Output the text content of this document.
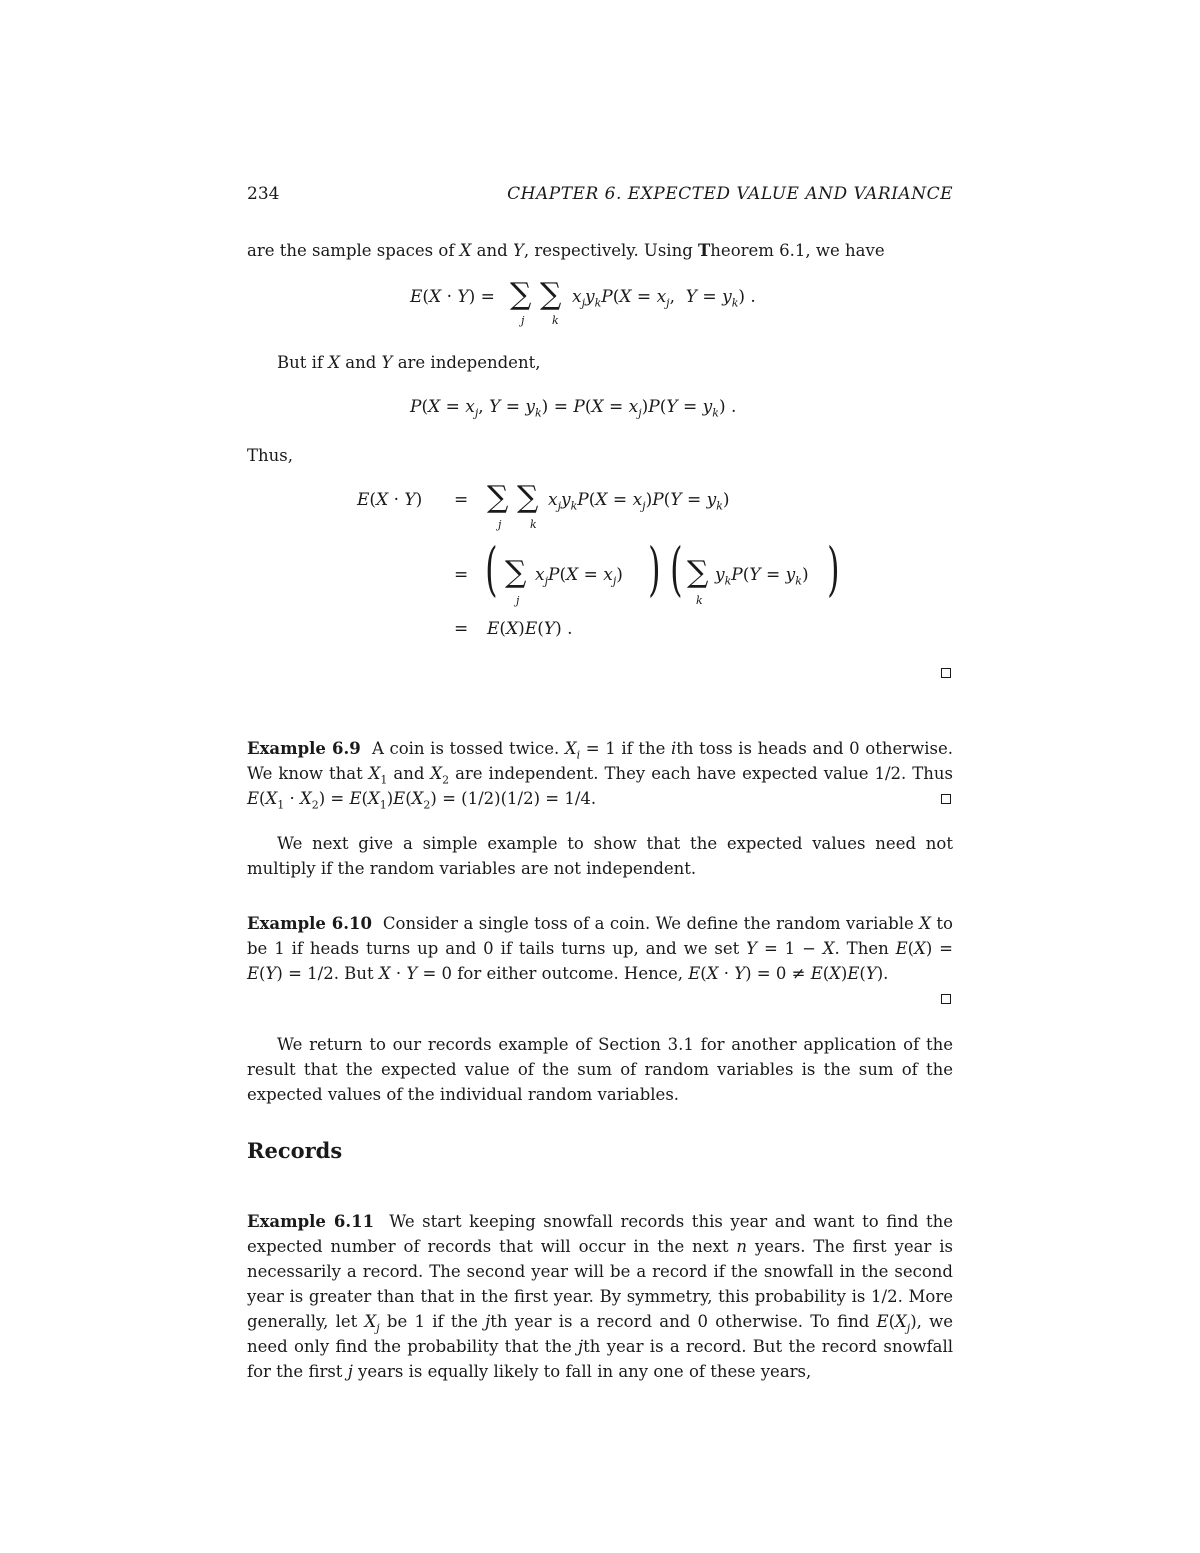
234	CHAPTER 6. EXPECTED VALUE AND VARIANCE
are the sample spaces of X and Y, respectively. Using Theorem 6.1, we have
E(X · Y) = ∑ ∑
j	k
$x_jy_kP(X = x_j$,  $Y = y_k$) .
But if X and Y are independent,
$P(X = x_j$, $Y = y_k) = P(X = x_j)P(Y = y_k)$ .
Thus,
E(X · Y) = ∑ ∑
j	k
$x_jy_kP(X = x_j)P(Y = y_k)$
= ( ∑
j
$x_jP(X = x_j)$ ) ( ∑
k
$y_kP(Y = y_k)$ )
= E(X)E(Y) .
Example 6.9  A coin is tossed twice. $X_i = 1$ if the ith toss is heads and 0 otherwise. We know that $X_1$ and $X_2$ are independent. They each have expected value 1/2. Thus $E(X_1 \cdot X_2) = E(X_1)E(X_2) = (1/2)(1/2) = 1/4$.
We next give a simple example to show that the expected values need not multiply if the random variables are not independent.
Example 6.10  Consider a single toss of a coin. We define the random variable X to be 1 if heads turns up and 0 if tails turns up, and we set Y = 1 − X. Then E(X) = E(Y) = 1/2. But X · Y = 0 for either outcome. Hence, E(X · Y) = 0 ≠ E(X)E(Y).
We return to our records example of Section 3.1 for another application of the result that the expected value of the sum of random variables is the sum of the expected values of the individual random variables.
Records
Example 6.11  We start keeping snowfall records this year and want to find the expected number of records that will occur in the next n years. The first year is necessarily a record. The second year will be a record if the snowfall in the second year is greater than that in the first year. By symmetry, this probability is 1/2. More generally, let $X_j$ be 1 if the jth year is a record and 0 otherwise. To find $E(X_j)$, we need only find the probability that the jth year is a record. But the record snowfall for the first j years is equally likely to fall in any one of these years,
